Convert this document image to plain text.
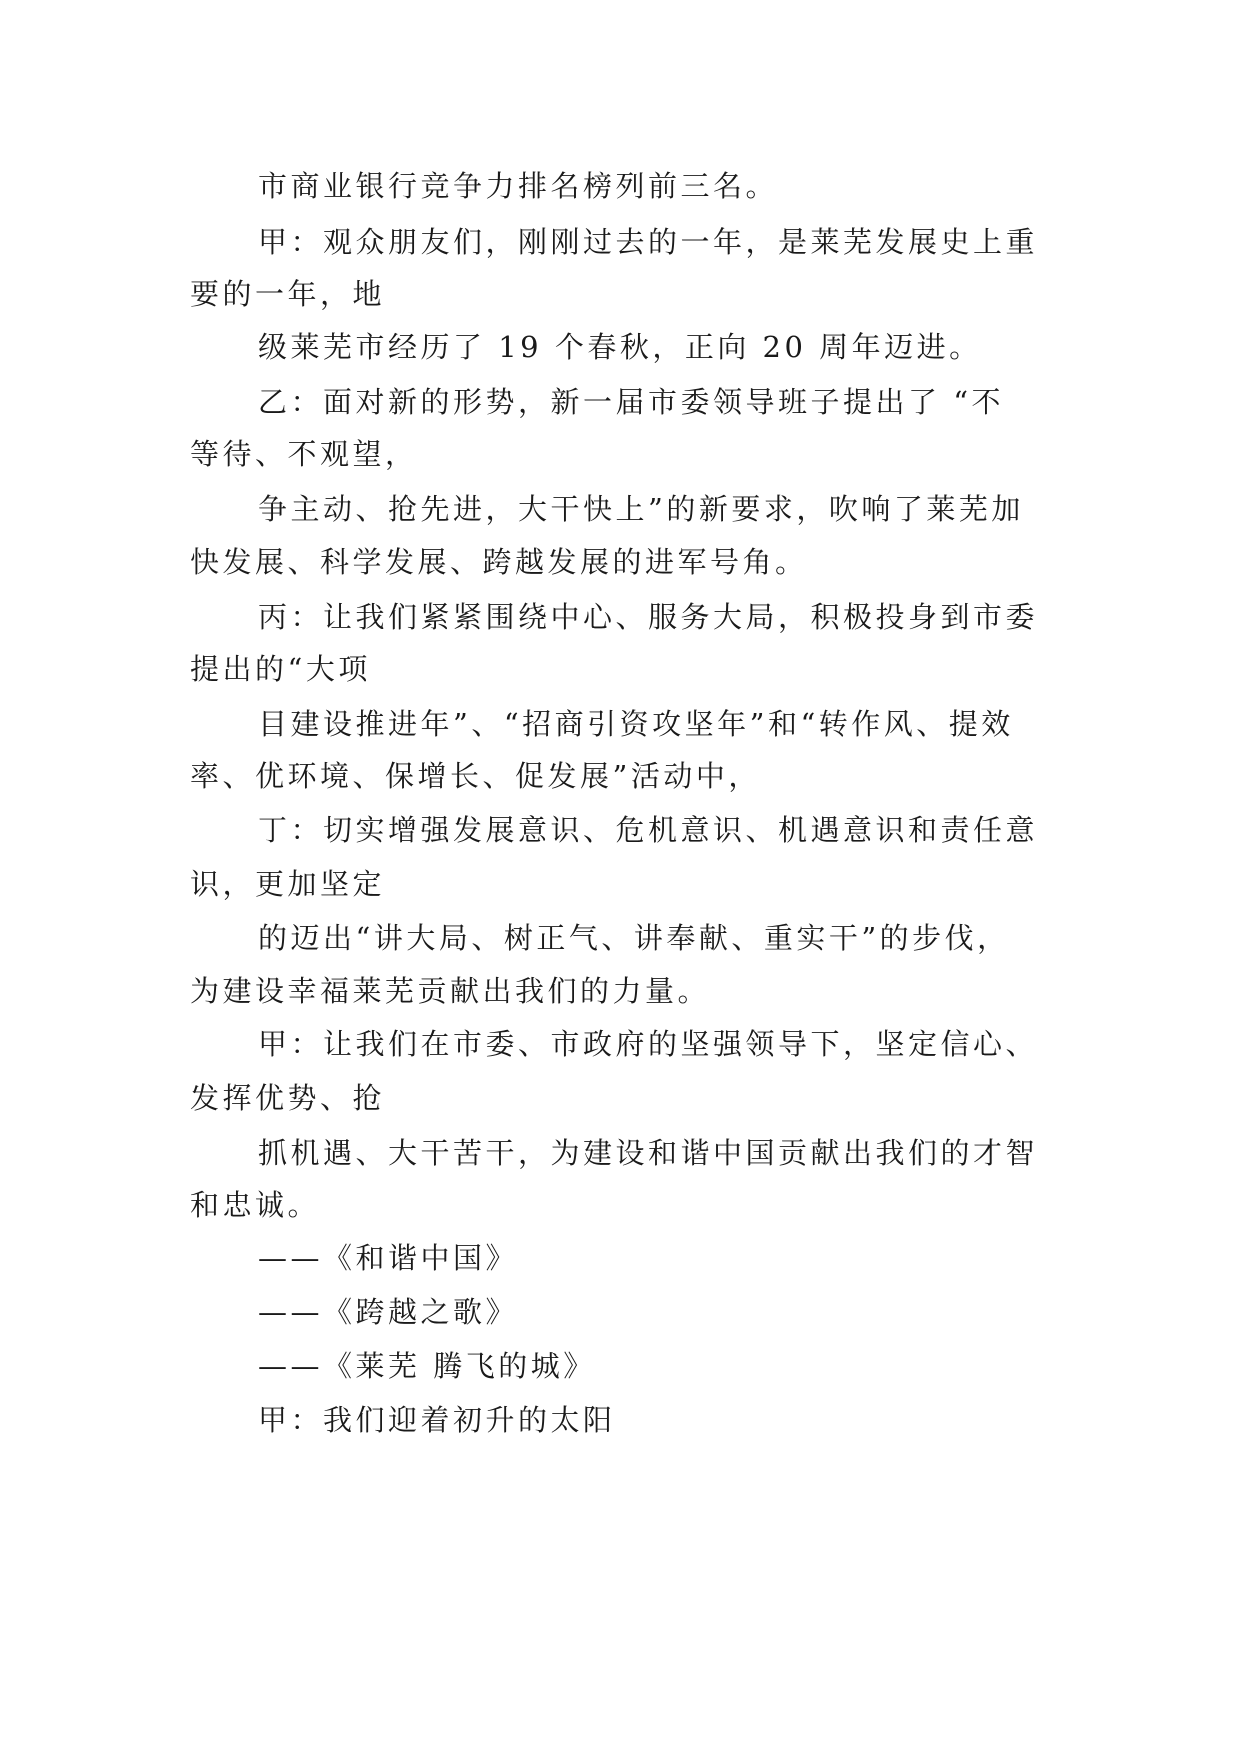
市商业银行竞争力排名榜列前三名。
甲：观众朋友们，刚刚过去的一年，是莱芜发展史上重
要的一年，地
级莱芜市经历了 19 个春秋，正向 20 周年迈进。
乙：面对新的形势，新一届市委领导班子提出了 “不
等待、不观望，
争主动、抢先进，大干快上”的新要求，吹响了莱芜加
快发展、科学发展、跨越发展的进军号角。
丙：让我们紧紧围绕中心、服务大局，积极投身到市委
提出的“大项
目建设推进年”、“招商引资攻坚年”和“转作风、提效
率、优环境、保增长、促发展”活动中，
丁：切实增强发展意识、危机意识、机遇意识和责任意
识，更加坚定
的迈出“讲大局、树正气、讲奉献、重实干”的步伐，
为建设幸福莱芜贡献出我们的力量。
甲：让我们在市委、市政府的坚强领导下，坚定信心、
发挥优势、抢
抓机遇、大干苦干，为建设和谐中国贡献出我们的才智
和忠诚。
——《和谐中国》
——《跨越之歌》
——《莱芜 腾飞的城》
甲：我们迎着初升的太阳
